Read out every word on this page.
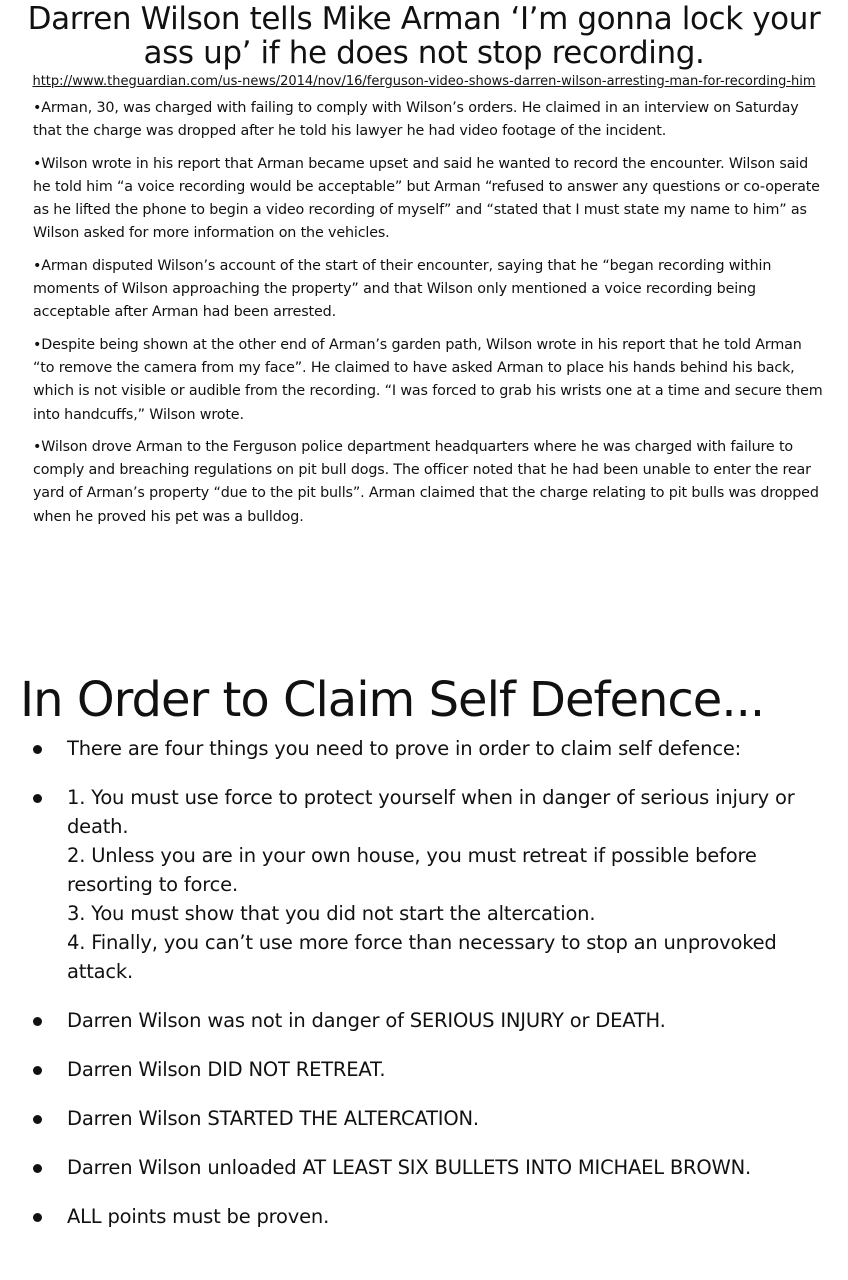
Darren Wilson tells Mike Arman ‘I’m gonna lock your ass up’ if he does not stop recording.
http://www.theguardian.com/us-news/2014/nov/16/ferguson-video-shows-darren-wilson-arresting-man-for-recording-him
•Arman, 30, was charged with failing to comply with Wilson’s orders. He claimed in an interview on Saturday that the charge was dropped after he told his lawyer he had video footage of the incident.
•Wilson wrote in his report that Arman became upset and said he wanted to record the encounter. Wilson said he told him “a voice recording would be acceptable” but Arman “refused to answer any questions or co-operate as he lifted the phone to begin a video recording of myself” and “stated that I must state my name to him” as Wilson asked for more information on the vehicles.
•Arman disputed Wilson’s account of the start of their encounter, saying that he “began recording within moments of Wilson approaching the property” and that Wilson only mentioned a voice recording being acceptable after Arman had been arrested.
•Despite being shown at the other end of Arman’s garden path, Wilson wrote in his report that he told Arman “to remove the camera from my face”. He claimed to have asked Arman to place his hands behind his back, which is not visible or audible from the recording. “I was forced to grab his wrists one at a time and secure them into handcuffs,” Wilson wrote.
•Wilson drove Arman to the Ferguson police department headquarters where he was charged with failure to comply and breaching regulations on pit bull dogs. The officer noted that he had been unable to enter the rear yard of Arman’s property “due to the pit bulls”. Arman claimed that the charge relating to pit bulls was dropped when he proved his pet was a bulldog.
In Order to Claim Self Defence...
There are four things you need to prove in order to claim self defence:
1. You must use force to protect yourself when in danger of serious injury or death.
2. Unless you are in your own house, you must retreat if possible before resorting to force.
3. You must show that you did not start the altercation.
4. Finally, you can’t use more force than necessary to stop an unprovoked attack.
Darren Wilson was not in danger of SERIOUS INJURY or DEATH.
Darren Wilson DID NOT RETREAT.
Darren Wilson STARTED THE ALTERCATION.
Darren Wilson unloaded AT LEAST SIX BULLETS INTO MICHAEL BROWN.
ALL points must be proven.
